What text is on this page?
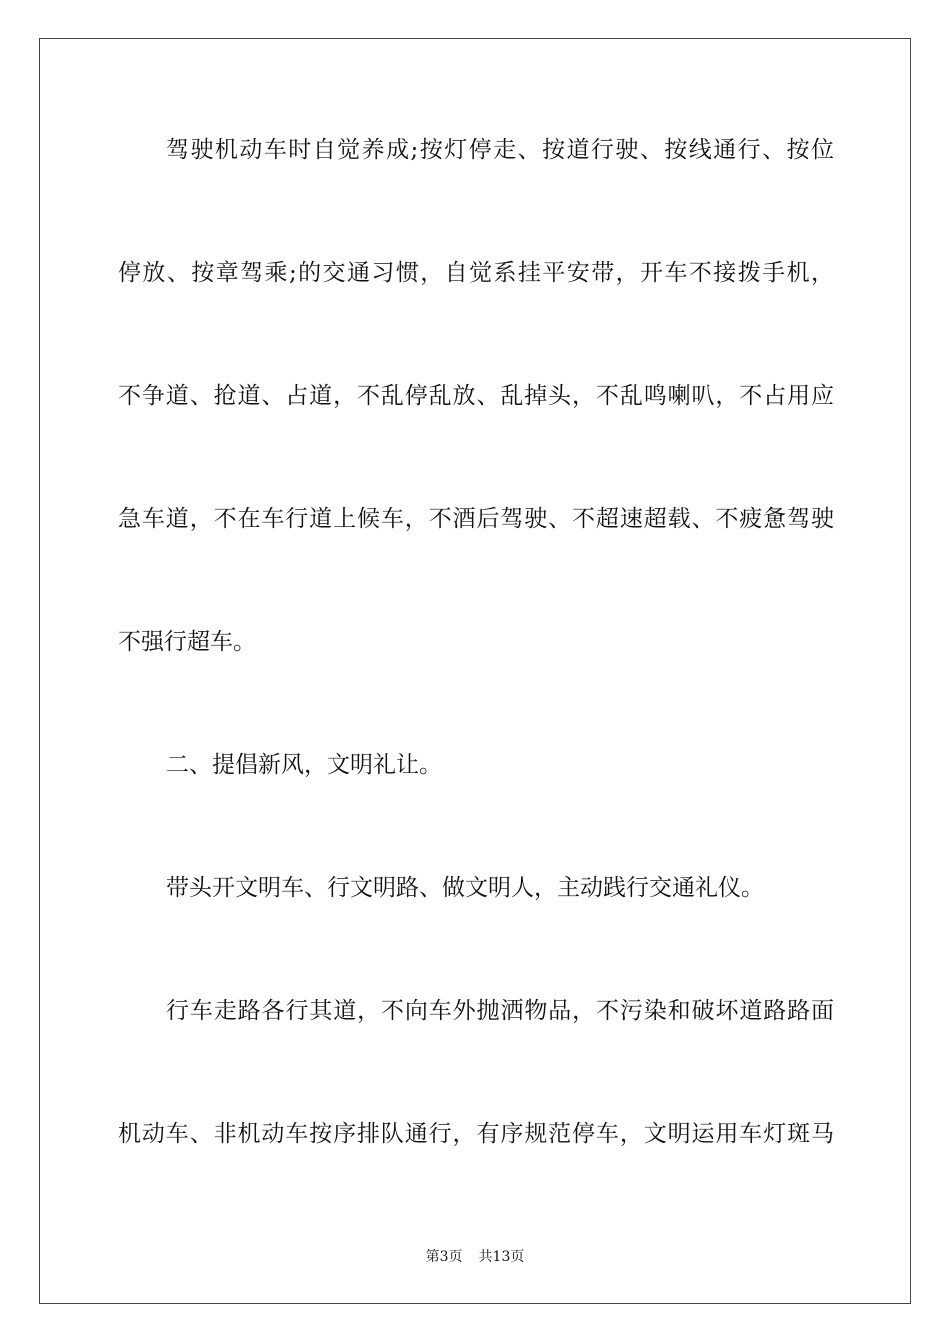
驾驶机动车时自觉养成;按灯停走、按道行驶、按线通行、按位
停放、按章驾乘;的交通习惯，自觉系挂平安带，开车不接拨手机，
不争道、抢道、占道，不乱停乱放、乱掉头，不乱鸣喇叭，不占用应
急车道，不在车行道上候车，不酒后驾驶、不超速超载、不疲惫驾驶
不强行超车。
二、提倡新风，文明礼让。
带头开文明车、行文明路、做文明人，主动践行交通礼仪。
行车走路各行其道，不向车外抛洒物品，不污染和破坏道路路面
机动车、非机动车按序排队通行，有序规范停车，文明运用车灯斑马
第3页 共13页
